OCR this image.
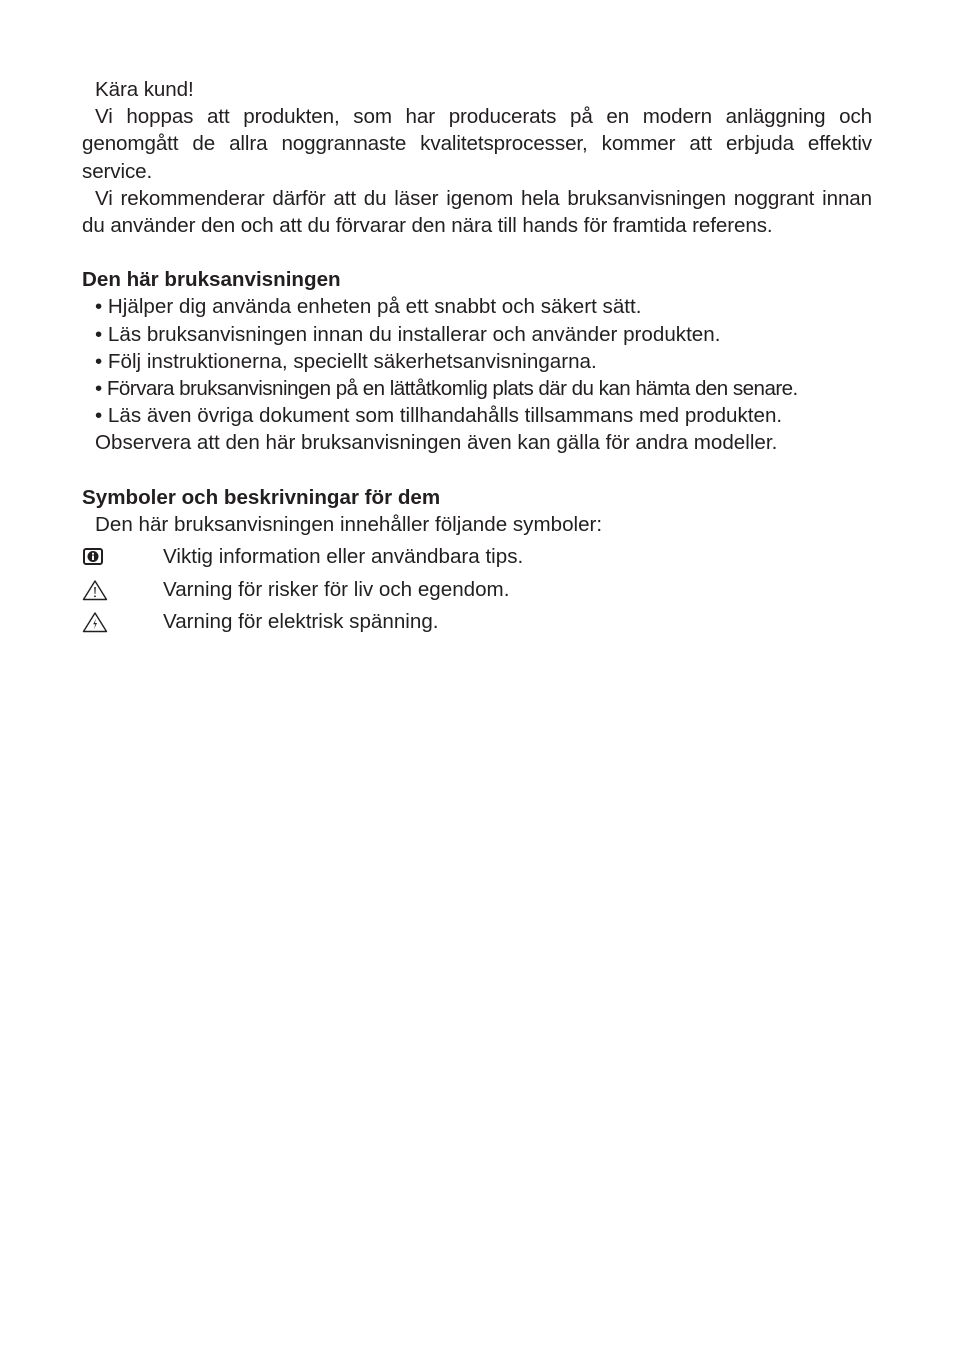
Kära kund!

Vi hoppas att produkten, som har producerats på en modern anläggning och genomgått de allra noggrannaste kvalitetsprocesser, kommer att erbjuda effektiv service.

Vi rekommenderar därför att du läser igenom hela bruksanvisningen noggrant innan du använder den och att du förvarar den nära till hands för framtida referens.

Den här bruksanvisningen
• Hjälper dig använda enheten på ett snabbt och säkert sätt.
• Läs bruksanvisningen innan du installerar och använder produkten.
• Följ instruktionerna, speciellt säkerhetsanvisningarna.
• Förvara bruksanvisningen på en lättåtkomlig plats där du kan hämta den senare.
• Läs även övriga dokument som tillhandahålls tillsammans med produkten.

Observera att den här bruksanvisningen även kan gälla för andra modeller.

Symboler och beskrivningar för dem

Den här bruksanvisningen innehåller följande symboler:

Viktig information eller användbara tips.
Varning för risker för liv och egendom.
Varning för elektrisk spänning.
